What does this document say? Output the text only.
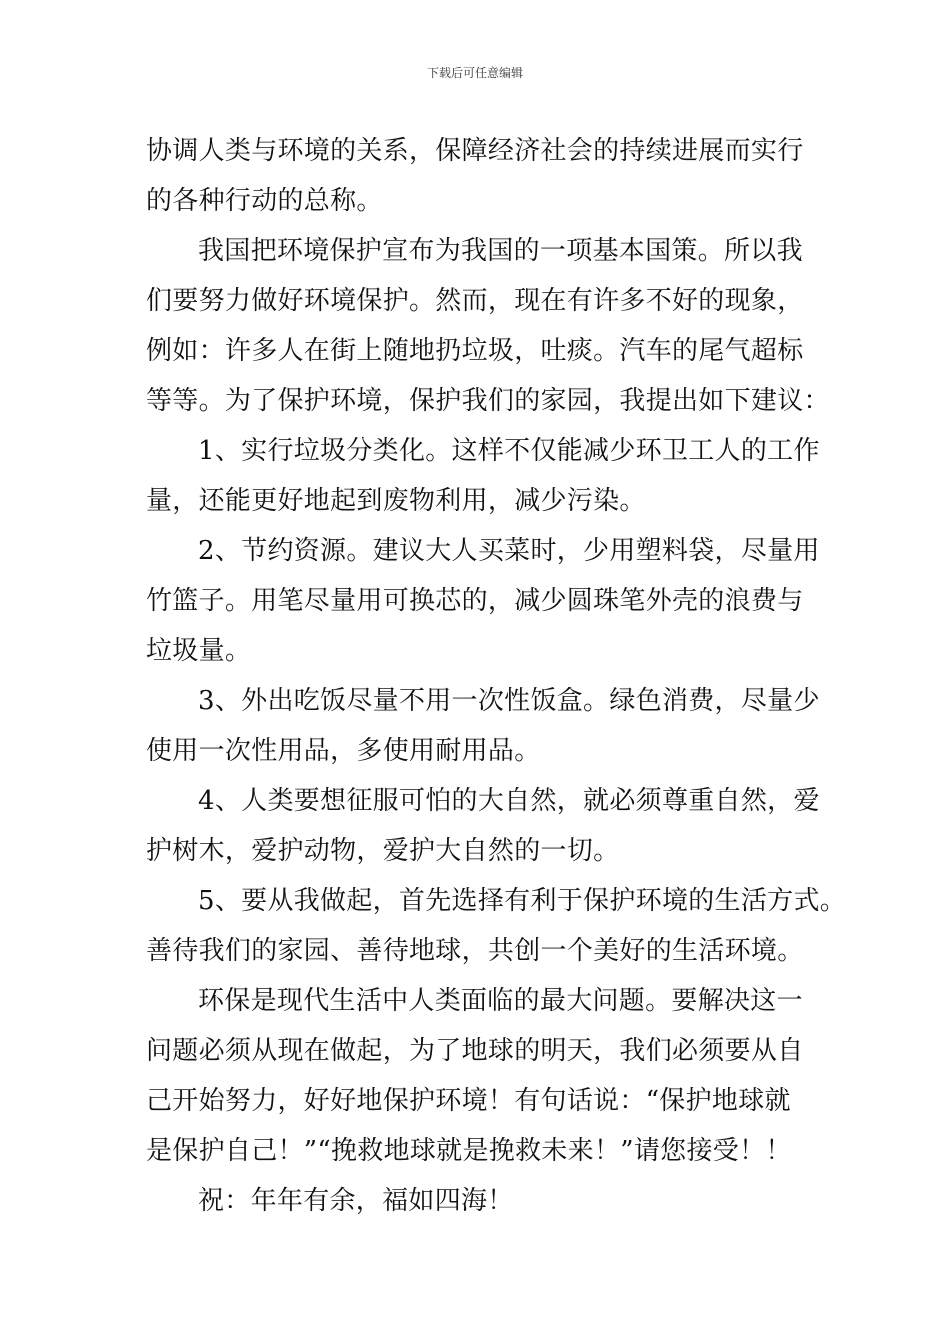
下载后可任意编辑
协调人类与环境的关系，保障经济社会的持续进展而实行
的各种行动的总称。
我国把环境保护宣布为我国的一项基本国策。所以我
们要努力做好环境保护。然而，现在有许多不好的现象，
例如：许多人在街上随地扔垃圾，吐痰。汽车的尾气超标
等等。为了保护环境，保护我们的家园，我提出如下建议：
1、实行垃圾分类化。这样不仅能减少环卫工人的工作
量，还能更好地起到废物利用，减少污染。
2、节约资源。建议大人买菜时，少用塑料袋，尽量用
竹篮子。用笔尽量用可换芯的，减少圆珠笔外壳的浪费与
垃圾量。
3、外出吃饭尽量不用一次性饭盒。绿色消费，尽量少
使用一次性用品，多使用耐用品。
4、人类要想征服可怕的大自然，就必须尊重自然，爱
护树木，爱护动物，爱护大自然的一切。
5、要从我做起，首先选择有利于保护环境的生活方式。
善待我们的家园、善待地球，共创一个美好的生活环境。
环保是现代生活中人类面临的最大问题。要解决这一
问题必须从现在做起，为了地球的明天，我们必须要从自
己开始努力，好好地保护环境！有句话说：“保护地球就
是保护自己！”“挽救地球就是挽救未来！”请您接受！！
祝：年年有余，福如四海！
